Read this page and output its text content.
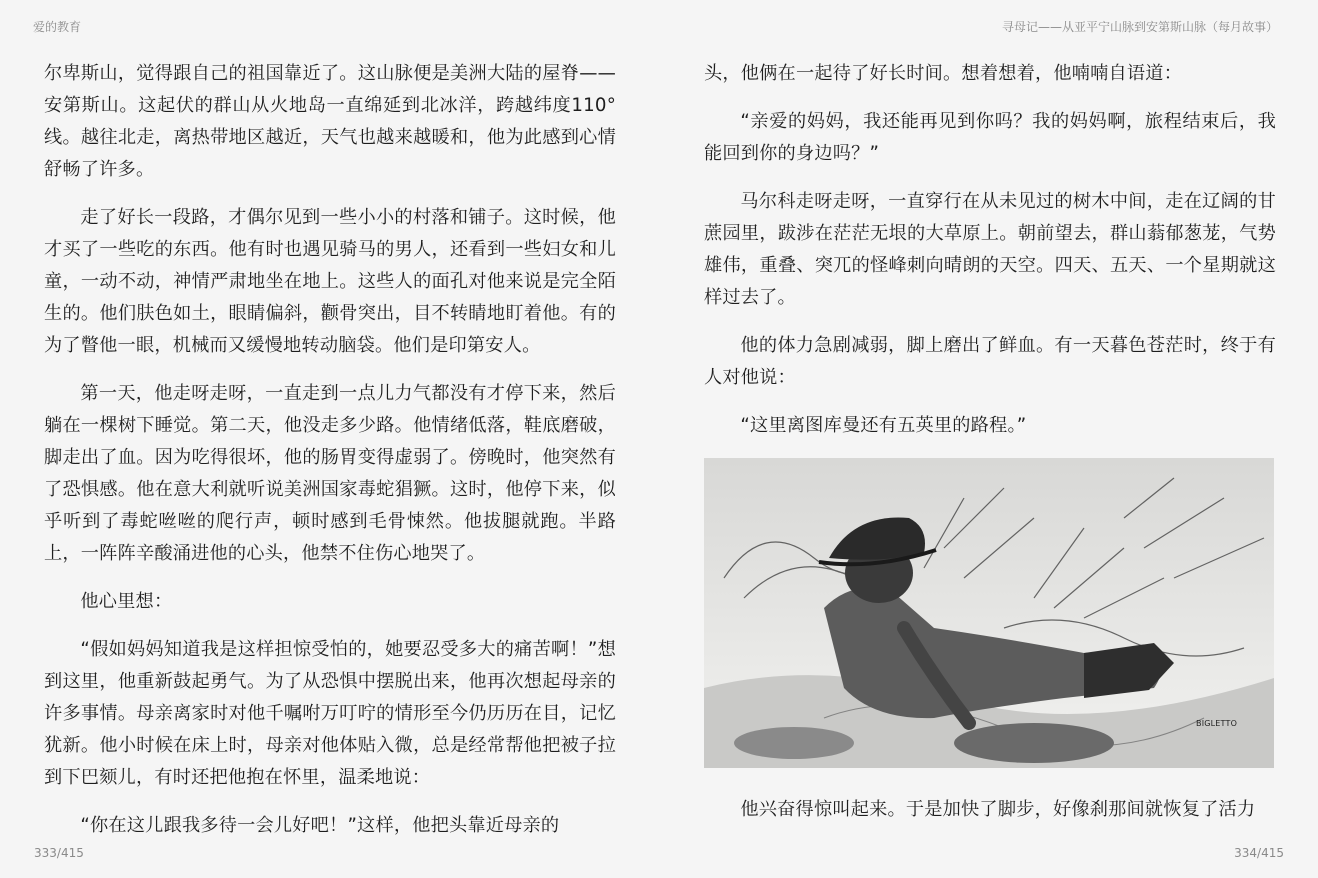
爱的教育	寻母记——从亚平宁山脉到安第斯山脉（每月故事）

尔卑斯山，觉得跟自己的祖国靠近了。这山脉便是美洲大陆的屋脊——安第斯山。这起伏的群山从火地岛一直绵延到北冰洋，跨越纬度110°线。越往北走，离热带地区越近，天气也越来越暖和，他为此感到心情舒畅了许多。

走了好长一段路，才偶尔见到一些小小的村落和铺子。这时候，他才买了一些吃的东西。他有时也遇见骑马的男人，还看到一些妇女和儿童，一动不动，神情严肃地坐在地上。这些人的面孔对他来说是完全陌生的。他们肤色如土，眼睛偏斜，颧骨突出，目不转睛地盯着他。有的为了瞥他一眼，机械而又缓慢地转动脑袋。他们是印第安人。

第一天，他走呀走呀，一直走到一点儿力气都没有才停下来，然后躺在一棵树下睡觉。第二天，他没走多少路。他情绪低落，鞋底磨破，脚走出了血。因为吃得很坏，他的肠胃变得虚弱了。傍晚时，他突然有了恐惧感。他在意大利就听说美洲国家毒蛇猖獗。这时，他停下来，似乎听到了毒蛇咝咝的爬行声，顿时感到毛骨悚然。他拔腿就跑。半路上，一阵阵辛酸涌进他的心头，他禁不住伤心地哭了。

他心里想：

“假如妈妈知道我是这样担惊受怕的，她要忍受多大的痛苦啊！”想到这里，他重新鼓起勇气。为了从恐惧中摆脱出来，他再次想起母亲的许多事情。母亲离家时对他千嘱咐万叮咛的情形至今仍历历在目，记忆犹新。他小时候在床上时，母亲对他体贴入微，总是经常帮他把被子拉到下巴颏儿，有时还把他抱在怀里，温柔地说：

“你在这儿跟我多待一会儿好吧！”这样，他把头靠近母亲的

头，他俩在一起待了好长时间。想着想着，他喃喃自语道：

“亲爱的妈妈，我还能再见到你吗？我的妈妈啊，旅程结束后，我能回到你的身边吗？”

马尔科走呀走呀，一直穿行在从未见过的树木中间，走在辽阔的甘蔗园里，跋涉在茫茫无垠的大草原上。朝前望去，群山蓊郁葱茏，气势雄伟，重叠、突兀的怪峰刺向晴朗的天空。四天、五天、一个星期就这样过去了。

他的体力急剧减弱，脚上磨出了鲜血。有一天暮色苍茫时，终于有人对他说：

“这里离图库曼还有五英里的路程。”

BIGLETTO

他兴奋得惊叫起来。于是加快了脚步，好像刹那间就恢复了活力

333/415	334/415
